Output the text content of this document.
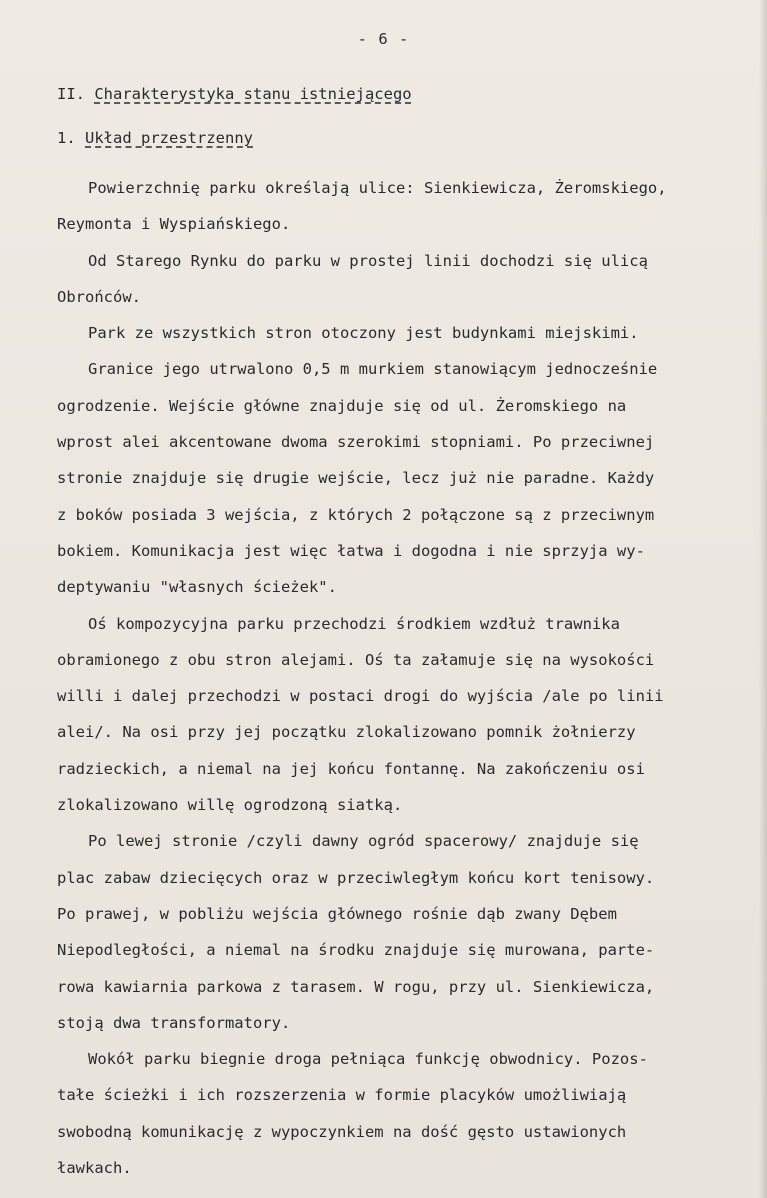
- 6 -
II. Charakterystyka stanu istniejącego
1. Układ przestrzenny

Powierzchnię parku określają ulice: Sienkiewicza, Żeromskiego,

Reymonta i Wyspiańskiego.

Od Starego Rynku do parku w prostej linii dochodzi się ulicą

Obrońców.

Park ze wszystkich stron otoczony jest budynkami miejskimi.

Granice jego utrwalono 0,5 m murkiem stanowiącym jednocześnie

ogrodzenie. Wejście główne znajduje się od ul. Żeromskiego na

wprost alei akcentowane dwoma szerokimi stopniami. Po przeciwnej

stronie znajduje się drugie wejście, lecz już nie paradne. Każdy

z boków posiada 3 wejścia, z których 2 połączone są z przeciwnym

bokiem. Komunikacja jest więc łatwa i dogodna i nie sprzyja wy-

deptywaniu "własnych ścieżek".

Oś kompozycyjna parku przechodzi środkiem wzdłuż trawnika

obramionego z obu stron alejami. Oś ta załamuje się na wysokości

willi i dalej przechodzi w postaci drogi do wyjścia /ale po linii

alei/. Na osi przy jej początku zlokalizowano pomnik żołnierzy

radzieckich, a niemal na jej końcu fontannę. Na zakończeniu osi

zlokalizowano willę ogrodzoną siatką.

Po lewej stronie /czyli dawny ogród spacerowy/ znajduje się

plac zabaw dziecięcych oraz w przeciwległym końcu kort tenisowy.

Po prawej, w pobliżu wejścia głównego rośnie dąb zwany Dębem

Niepodległości, a niemal na środku znajduje się murowana, parte-

rowa kawiarnia parkowa z tarasem. W rogu, przy ul. Sienkiewicza,

stoją dwa transformatory.

Wokół parku biegnie droga pełniąca funkcję obwodnicy. Pozos-

tałe ścieżki i ich rozszerzenia w formie placyków umożliwiają

swobodną komunikację z wypoczynkiem na dość gęsto ustawionych

ławkach.
